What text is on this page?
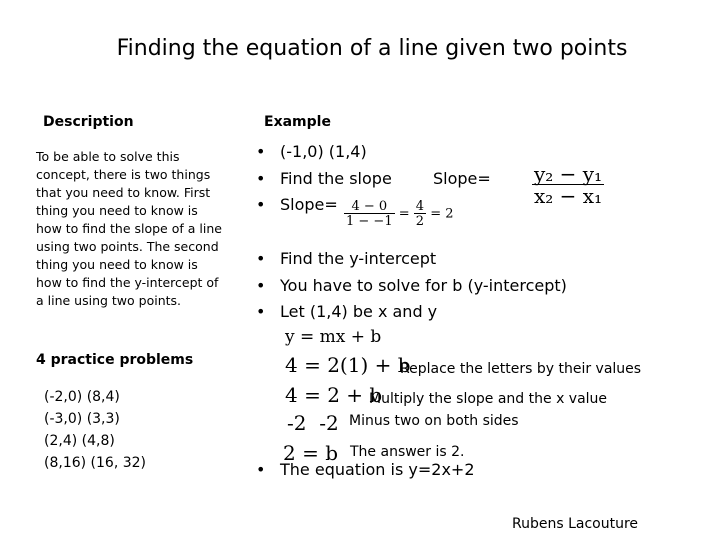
Finding the equation of a line given two points
Description	Example
To be able to solve this concept, there is two things that you need to know. First thing you need to know is how to find the slope of a line using two points. The second thing you need to know is how to find the y-intercept of a line using two points.
4 practice problems
(-2,0) (8,4)
(-3,0) (3,3)
(2,4) (4,8)
(8,16) (16, 32)
• (-1,0) (1,4)
• Find the slope	Slope= $\frac{\text{y₂ − y₁}}{\text{x₂ − x₁}}$
• Slope= $\frac{4 - 0}{1 - -1} = \frac{4}{2} = 2$
• Find the y-intercept
• You have to solve for b (y-intercept)
• Let (1,4) be x and y
y = mx + b
4 = 2(1) + b
Replace the letters by their values
4 = 2 + b
Multiply the slope and the x value
-2  -2 Minus two on both sides
The answer is 2.
2 = b
• The equation is y=2x+2
Rubens Lacouture
